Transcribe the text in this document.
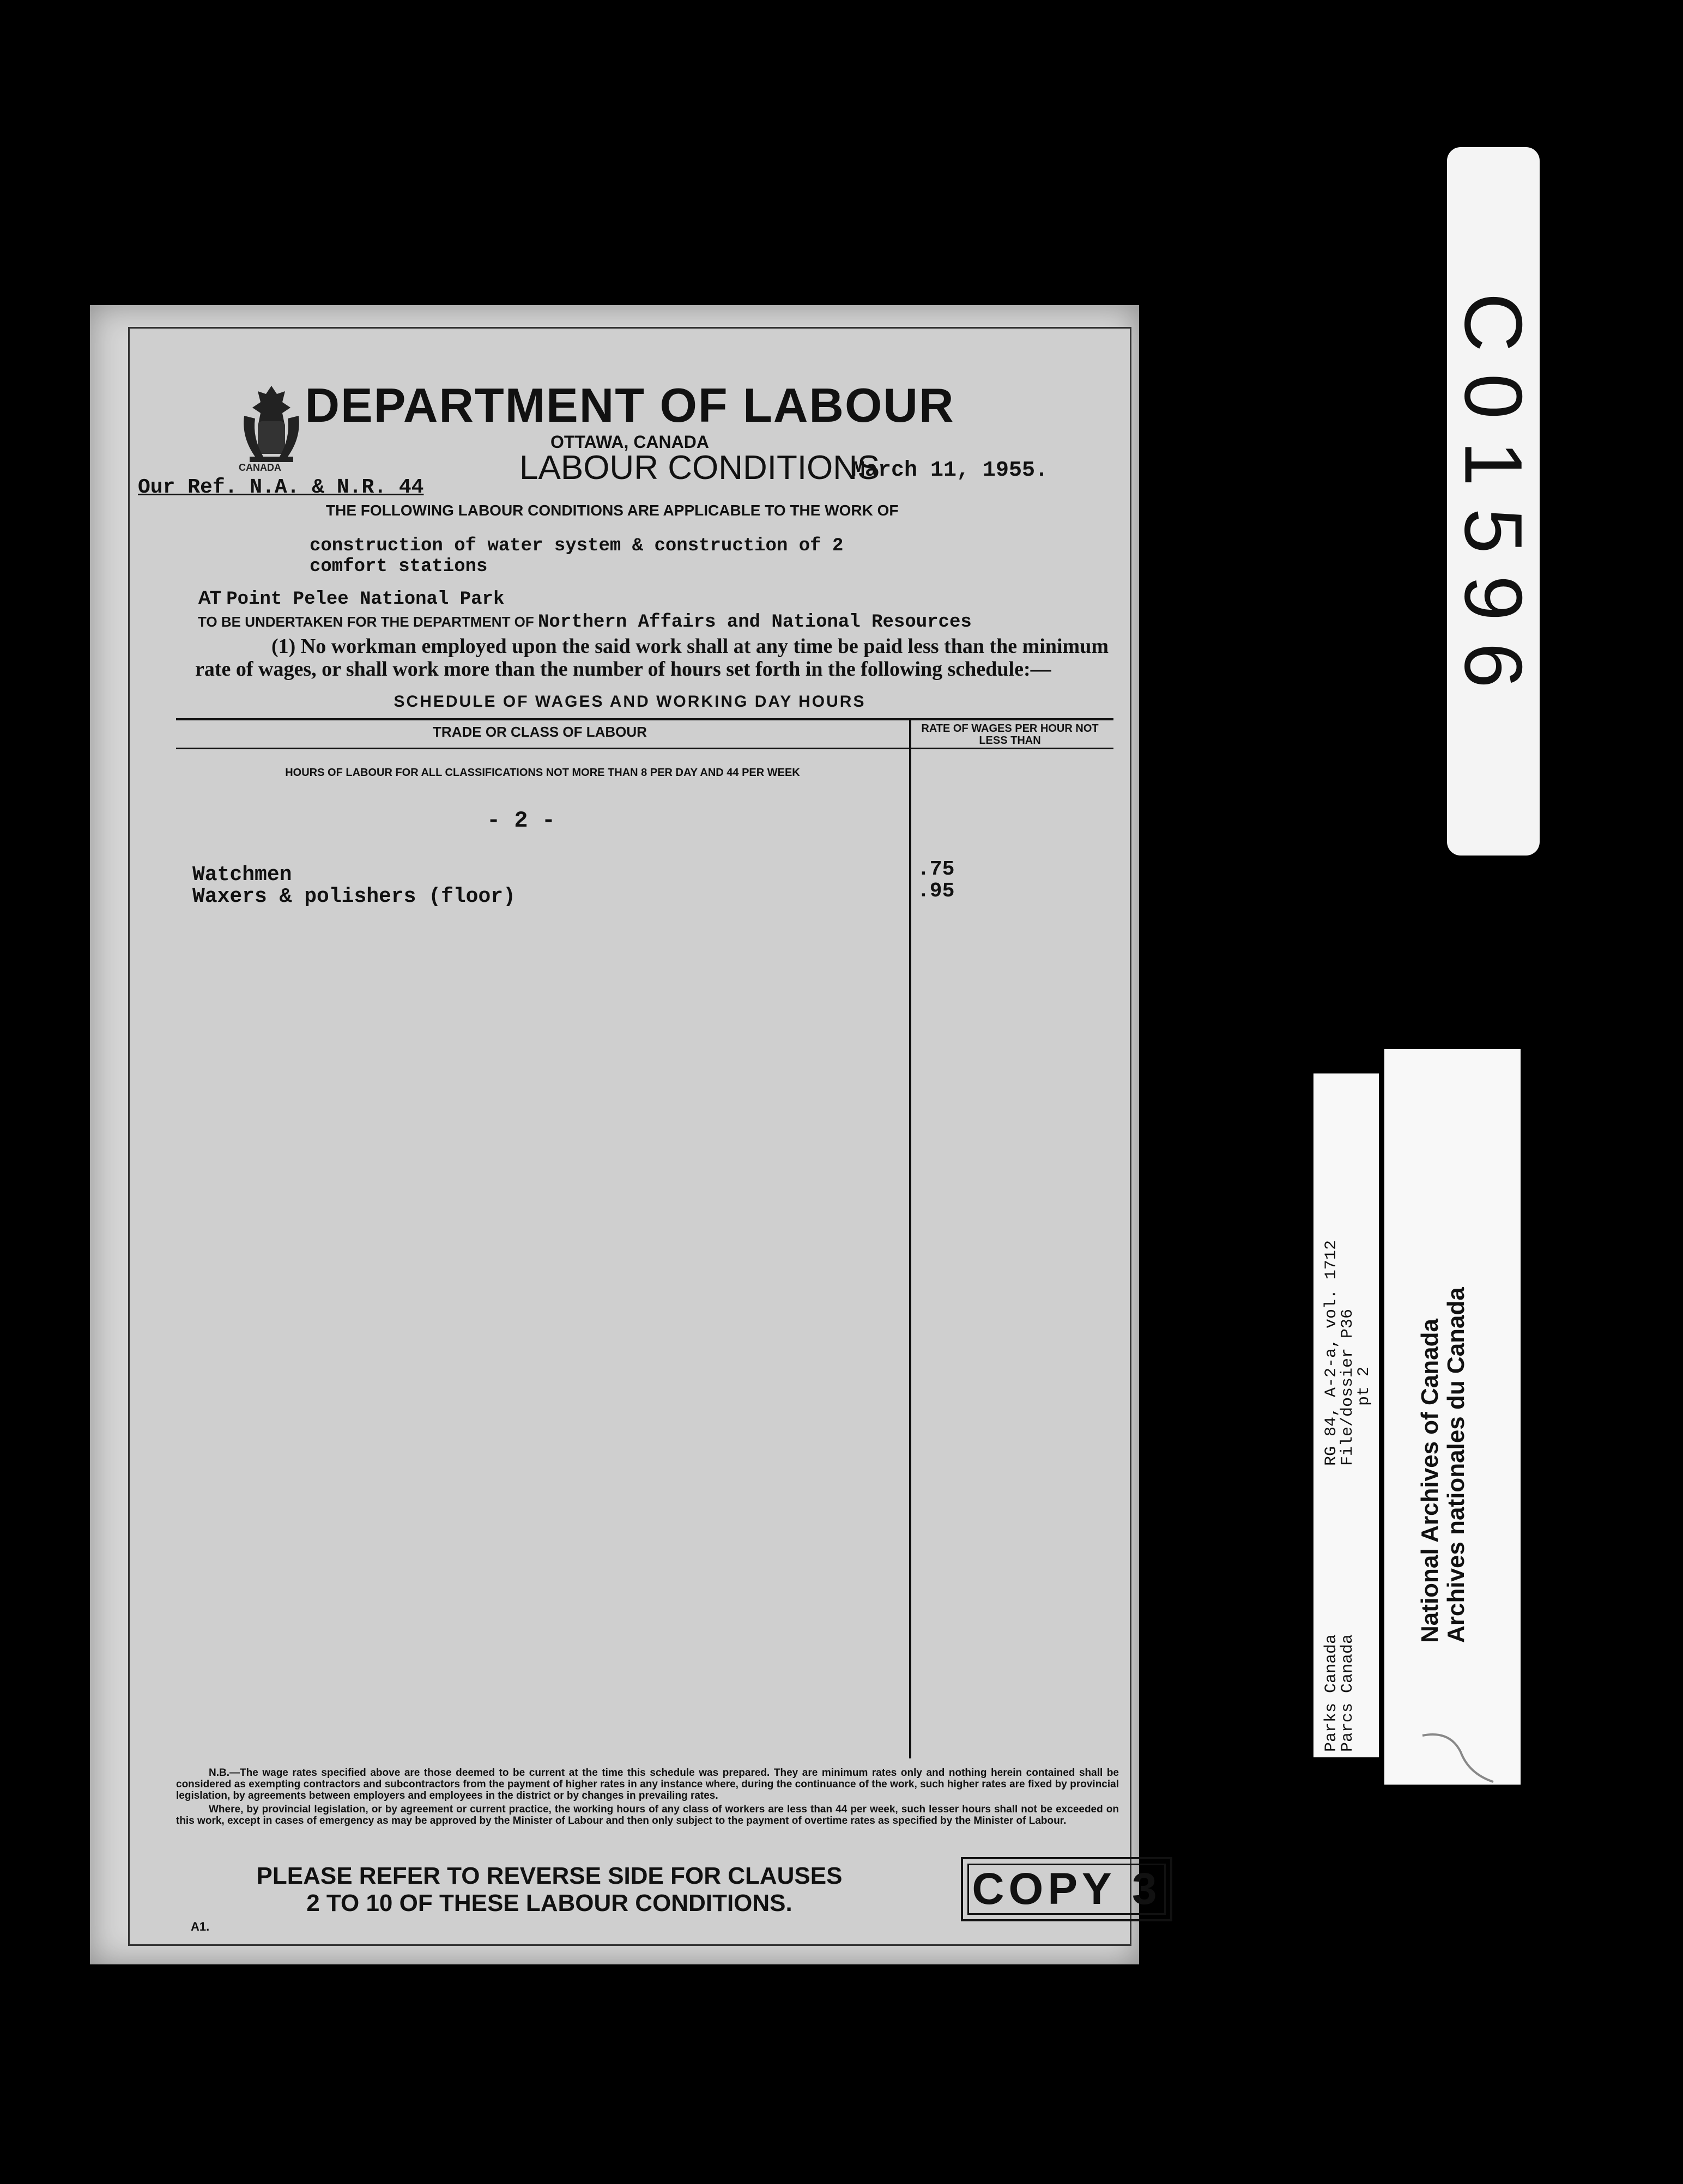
CANADA
DEPARTMENT OF LABOUR
OTTAWA, CANADA
LABOUR CONDITIONS
March 11, 1955.
Our Ref. N.A. & N.R. 44
THE FOLLOWING LABOUR CONDITIONS ARE APPLICABLE TO THE WORK OF
construction of water system & construction of 2
comfort stations
AT Point Pelee National Park
TO BE UNDERTAKEN FOR THE DEPARTMENT OF Northern Affairs and National Resources
(1) No workman employed upon the said work shall at any time be paid less than the minimum rate of wages, or shall work more than the number of hours set forth in the following schedule:—
SCHEDULE OF WAGES AND WORKING DAY HOURS
TRADE OR CLASS OF LABOUR	RATE OF WAGES PER HOUR NOT LESS THAN
HOURS OF LABOUR FOR ALL CLASSIFICATIONS NOT MORE THAN 8 PER DAY AND 44 PER WEEK
- 2 -
Watchmen	.75
Waxers & polishers (floor)	.95

N.B.—The wage rates specified above are those deemed to be current at the time this schedule was prepared. They are minimum rates only and nothing herein contained shall be considered as exempting contractors and subcontractors from the payment of higher rates in any instance where, during the continuance of the work, such higher rates are fixed by provincial legislation, by agreements between employers and employees in the district or by changes in prevailing rates.

Where, by provincial legislation, or by agreement or current practice, the working hours of any class of workers are less than 44 per week, such lesser hours shall not be exceeded on this work, except in cases of emergency as may be approved by the Minister of Labour and then only subject to the payment of overtime rates as specified by the Minister of Labour.

PLEASE REFER TO REVERSE SIDE FOR CLAUSES
2 TO 10 OF THESE LABOUR CONDITIONS.	COPY 3
A1.
C01596
RG 84, A-2-a, vol. 1712
File/dossier P36
pt 2
Parks Canada
Parcs Canada
National Archives of Canada Archives nationales du Canada
